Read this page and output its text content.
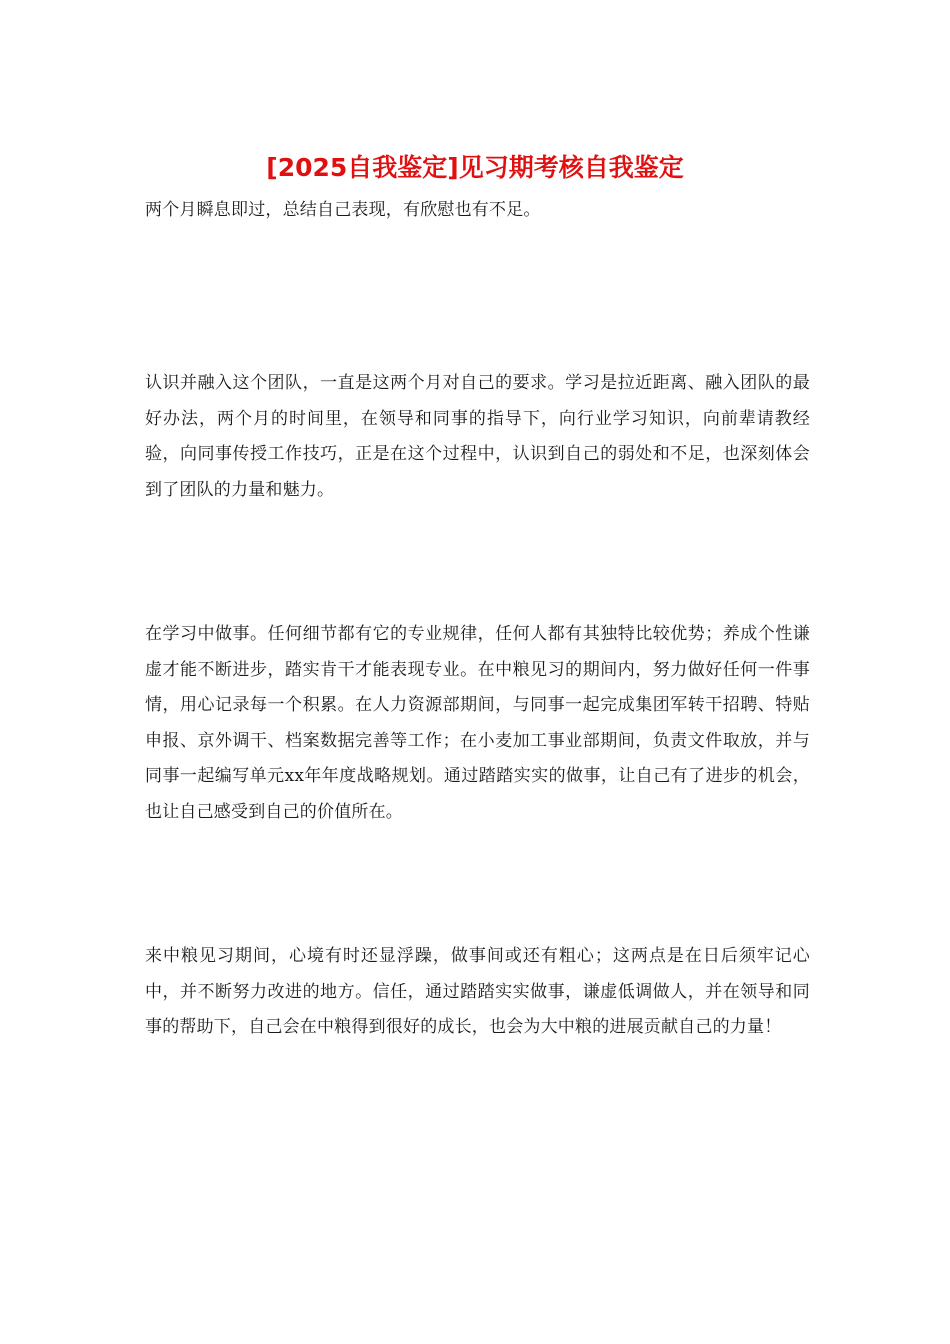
[2025自我鉴定]见习期考核自我鉴定

两个月瞬息即过，总结自己表现，有欣慰也有不足。

认识并融入这个团队，一直是这两个月对自己的要求。学习是拉近距离、融入团队的最好办法，两个月的时间里，在领导和同事的指导下，向行业学习知识，向前辈请教经验，向同事传授工作技巧，正是在这个过程中，认识到自己的弱处和不足，也深刻体会到了团队的力量和魅力。

在学习中做事。任何细节都有它的专业规律，任何人都有其独特比较优势；养成个性谦虚才能不断进步，踏实肯干才能表现专业。在中粮见习的期间内，努力做好任何一件事情，用心记录每一个积累。在人力资源部期间，与同事一起完成集团军转干招聘、特贴申报、京外调干、档案数据完善等工作；在小麦加工事业部期间，负责文件取放，并与同事一起编写单元xx年年度战略规划。通过踏踏实实的做事，让自己有了进步的机会，也让自己感受到自己的价值所在。

来中粮见习期间，心境有时还显浮躁，做事间或还有粗心；这两点是在日后须牢记心中，并不断努力改进的地方。信任，通过踏踏实实做事，谦虚低调做人，并在领导和同事的帮助下，自己会在中粮得到很好的成长，也会为大中粮的进展贡献自己的力量！
